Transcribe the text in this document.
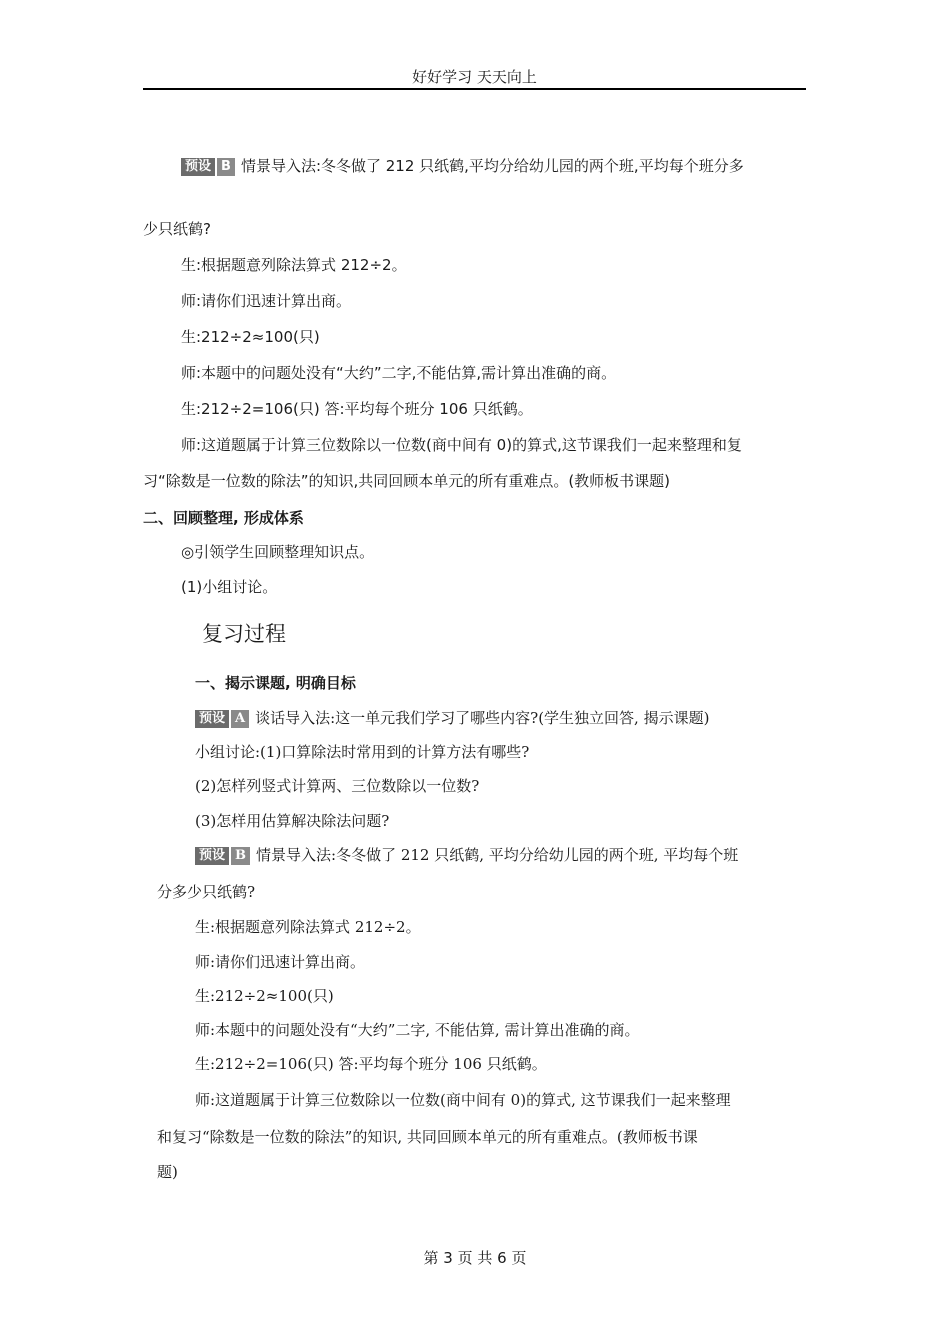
好好学习 天天向上
预设 B 情景导入法:冬冬做了 212 只纸鹤,平均分给幼儿园的两个班,平均每个班分多
少只纸鹤?
生:根据题意列除法算式 212÷2。
师:请你们迅速计算出商。
生:212÷2≈100(只)
师:本题中的问题处没有“大约”二字,不能估算,需计算出准确的商。
生:212÷2=106(只) 答:平均每个班分 106 只纸鹤。
师:这道题属于计算三位数除以一位数(商中间有 0)的算式,这节课我们一起来整理和复
习“除数是一位数的除法”的知识,共同回顾本单元的所有重难点。(教师板书课题)
二、回顾整理, 形成体系
◎引领学生回顾整理知识点。
(1)小组讨论。
复习过程
一、揭示课题, 明确目标
预设 A 谈话导入法:这一单元我们学习了哪些内容?(学生独立回答, 揭示课题)
小组讨论:(1)口算除法时常用到的计算方法有哪些?
(2)怎样列竖式计算两、三位数除以一位数?
(3)怎样用估算解决除法问题?
预设 B 情景导入法:冬冬做了 212 只纸鹤, 平均分给幼儿园的两个班, 平均每个班
分多少只纸鹤?
生:根据题意列除法算式 212÷2。
师:请你们迅速计算出商。
生:212÷2≈100(只)
师:本题中的问题处没有“大约”二字, 不能估算, 需计算出准确的商。
生:212÷2=106(只) 答:平均每个班分 106 只纸鹤。
师:这道题属于计算三位数除以一位数(商中间有 0)的算式, 这节课我们一起来整理
和复习“除数是一位数的除法”的知识, 共同回顾本单元的所有重难点。(教师板书课
题)
第 3 页 共 6 页
